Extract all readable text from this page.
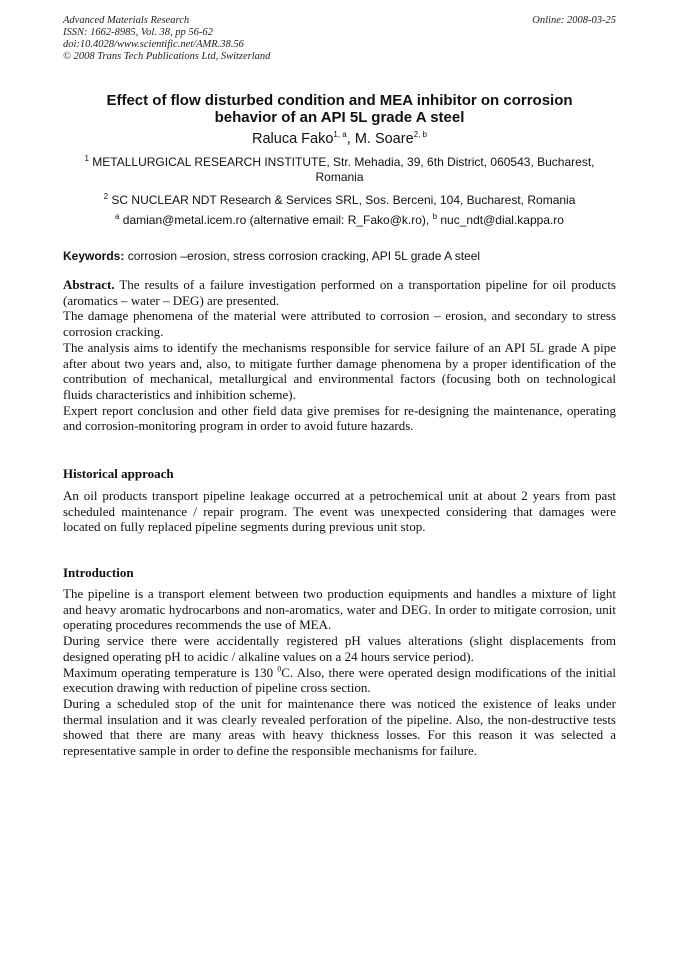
Advanced Materials Research
ISSN: 1662-8985, Vol. 38, pp 56-62
doi:10.4028/www.scientific.net/AMR.38.56
© 2008 Trans Tech Publications Ltd, Switzerland
Online: 2008-03-25
Effect of flow disturbed condition and MEA inhibitor on corrosion
behavior of an API 5L grade A steel
Raluca Fako$^{1, a}$, M. Soare$^{2, b}$
$^1$ METALLURGICAL RESEARCH INSTITUTE, Str. Mehadia, 39, 6th District, 060543, Bucharest,
Romania
$^2$ SC NUCLEAR NDT Research & Services SRL, Sos. Berceni, 104, Bucharest, Romania
$^a$ damian@metal.icem.ro (alternative email: R_Fako@k.ro), $^b$ nuc_ndt@dial.kappa.ro
Keywords: corrosion –erosion, stress corrosion cracking, API 5L grade A steel

Abstract. The results of a failure investigation performed on a transportation pipeline for oil products (aromatics – water – DEG) are presented.

The damage phenomena of the material were attributed to corrosion – erosion, and secondary to stress corrosion cracking.

The analysis aims to identify the mechanisms responsible for service failure of an API 5L grade A pipe after about two years and, also, to mitigate further damage phenomena by a proper identification of the contribution of mechanical, metallurgical and environmental factors (focusing both on technological fluids characteristics and inhibition scheme).

Expert report conclusion and other field data give premises for re-designing the maintenance, operating and corrosion-monitoring program in order to avoid future hazards.

Historical approach

An oil products transport pipeline leakage occurred at a petrochemical unit at about 2 years from past scheduled maintenance / repair program. The event was unexpected considering that damages were located on fully replaced pipeline segments during previous unit stop.

Introduction

The pipeline is a transport element between two production equipments and handles a mixture of light and heavy aromatic hydrocarbons and non-aromatics, water and DEG. In order to mitigate corrosion, unit operating procedures recommends the use of MEA.

During service there were accidentally registered pH values alterations (slight displacements from designed operating pH to acidic / alkaline values on a 24 hours service period).

Maximum operating temperature is 130 $^0$C. Also, there were operated design modifications of the initial execution drawing with reduction of pipeline cross section.

During a scheduled stop of the unit for maintenance there was noticed the existence of leaks under thermal insulation and it was clearly revealed perforation of the pipeline. Also, the non-destructive tests showed that there are many areas with heavy thickness losses. For this reason it was selected a representative sample in order to define the responsible mechanisms for failure.
